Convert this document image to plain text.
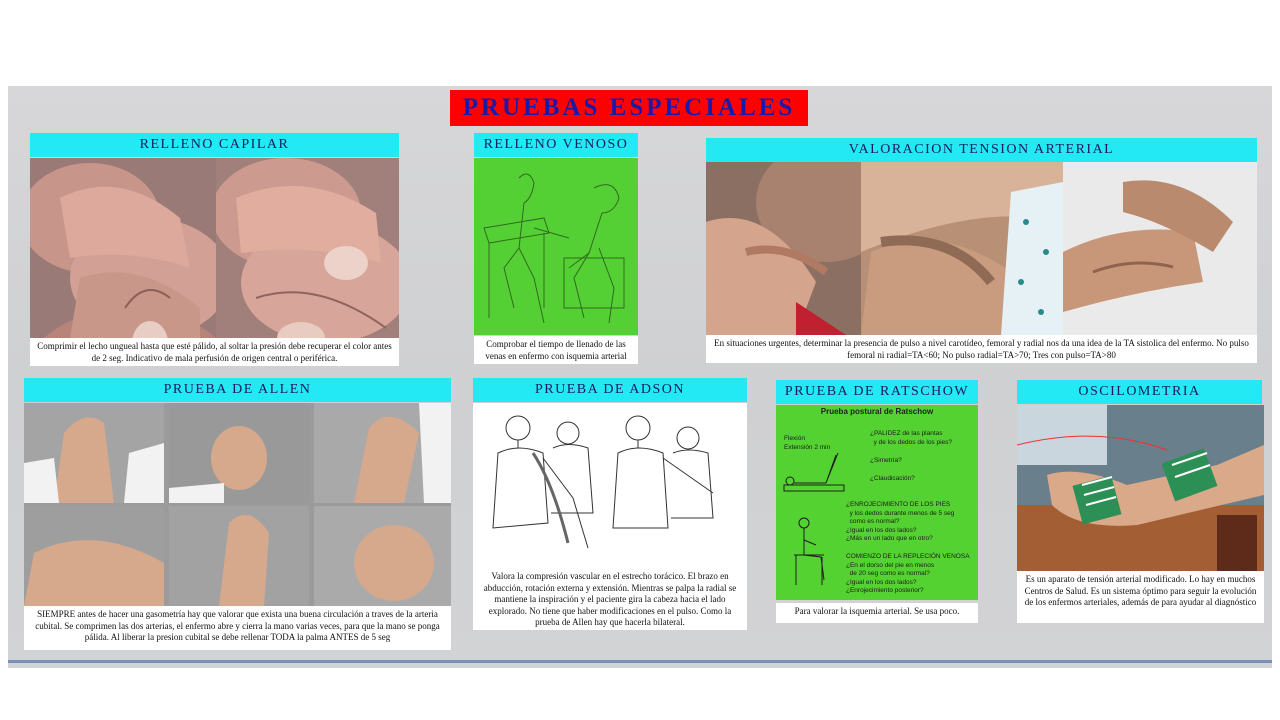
PRUEBAS ESPECIALES
RELLENO CAPILAR
Comprimir el lecho ungueal hasta que esté pálido, al soltar la presión debe recuperar el color antes de 2 seg. Indicativo de mala perfusión de origen central o periférica.
RELLENO VENOSO
Comprobar el tiempo de llenado de las venas en enfermo con isquemia arterial
VALORACION TENSION ARTERIAL
En situaciones urgentes, determinar la presencia de pulso a nivel carotídeo, femoral y radial nos da una idea de la TA sistolica del enfermo. No pulso femoral ni radial=TA<60; No pulso radial=TA>70; Tres con pulso=TA>80
PRUEBA DE ALLEN
SIEMPRE antes de hacer una gasometría hay que valorar que exista una buena circulación a traves de la arteria cubital. Se comprimen las dos arterias, el enfermo abre y cierra la mano varias veces, para que la mano se ponga pálida. Al liberar la presion cubital se debe rellenar TODA la palma ANTES de 5 seg
PRUEBA DE ADSON
Valora la compresión vascular en el estrecho torácico. El brazo en abducción, rotación externa y extensión. Mientras se palpa la radial se mantiene la inspiración y el paciente gira la cabeza hacia el lado explorado. No tiene que haber modificaciones en el pulso. Como la prueba de Allen hay que hacerla bilateral.
PRUEBA DE RATSCHOW
Prueba postural de Ratschow
Flexión
Extensión 2 min
¿PALIDEZ de las plantas
y de los dedos de los pies?
¿Simetría?
¿Claudicación?
¿ENROJECIMIENTO DE LOS PIES
y los dedos durante menos de 5 seg
como es normal?
¿Igual en los dos lados?
¿Más en un lado que en otro?
COMIENZO DE LA REPLECIÓN VENOSA
¿En el dorso del pie en menos
de 20 seg como es normal?
¿Igual en los dos lados?
¿Enrojecimiento posterior?
Para valorar la isquemia arterial. Se usa poco.
OSCILOMETRIA
Es un aparato de tensión arterial modificado. Lo hay en muchos Centros de Salud. Es un sistema óptimo para seguir la evolución de los enfermos arteriales, además de para ayudar al diagnóstico
